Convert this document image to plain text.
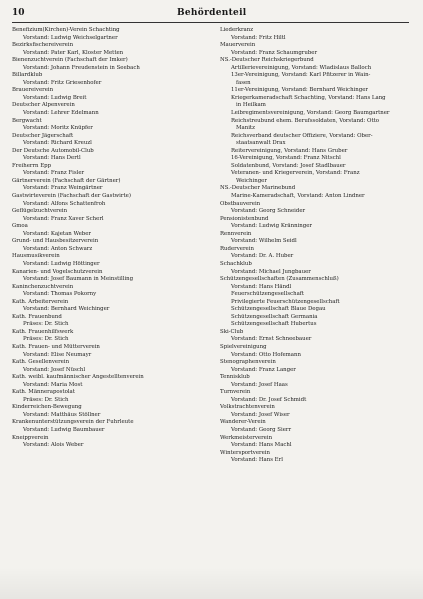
10	Behördenteil
Benefizium(Kirchen)-Verein Schachting
Vorstand: Ludwig Weichselgartner
Bezirksfischereiverein
Vorstand: Pater Karl, Kloster Metten
Bienenzuchtverein (Fachschaft der Imker)
Vorstand: Johann Freudenstein in Seebach
Billardklub
Vorstand: Fritz Griesenhofer
Brauereiverein
Vorstand: Ludwig Breit
Deutscher Alpenverein
Vorstand: Lehrer Edelmann
Bergwacht
Vorstand: Moritz Knüpfer
Deutscher Jägerschaft
Vorstand: Richard Kreuzl
Der Deutsche Automobil-Club
Vorstand: Hans Dertl
Freiherrn Epp
Vorstand: Franz Fisler
Gärtnerverein (Fachschaft der Gärtner)
Vorstand: Franz Weingärtner
Gastwirteverein (Fachschaft der Gastwirte)
Vorstand: Alfons Schattenfroh
Geflügelzuchtverein
Vorstand: Franz Xaver Scherl
Gmoa
Vorstand: Kajetan Weber
Grund- und Hausbesitzerverein
Vorstand: Anton Schwarz
Hausmusikverein
Vorstand: Ludwig Höttinger
Kanarien- und Vogelschutzverein
Vorstand: Josef Baumann in Meinstilling
Kaninchenzuchtverein
Vorstand: Thomas Pokorny
Kath. Arbeiterverein
Vorstand: Bernhard Weichinger
Kath. Frauenbund
Präses: Dr. Stich
Kath. Frauenhilfswerk
Präses: Dr. Stich
Kath. Frauen- und Mütterverein
Vorstand: Elise Neumayr
Kath. Gesellenverein
Vorstand: Josef Nüschl
Kath. weibl. kaufmännischer Angestelltenverein
Vorstand: Maria Most
Kath. Männerapostolat
Präses: Dr. Stich
Kinderreichen-Bewegung
Vorstand: Matthäus Stöllner
Krankenunterstützungsverein der Fuhrleute
Vorstand: Ludwig Baumbauer
Kneippverein
Vorstand: Alois Weber
Liederkranz
Vorstand: Fritz Hiltl
Mauerverein
Vorstand: Franz Schaumgruber
NS.-Deutscher Reichskriegerbund
Artillerievereinigung, Vorstand: Wladislaus Balloch
13er-Vereinigung, Vorstand: Karl Pfitzerer in Wain-
fasen
11er-Vereinigung, Vorstand: Bernhard Weichinger
Kriegerkameradschaft Schachting, Vorstand: Hans Lang
in Heilkam
Leibregimentsvereinigung, Vorstand: Georg Baumgartner
Reichstreubund ehem. Berufssoldaten, Vorstand: Otto
Manitz
Reichsverband deutscher Offiziere, Vorstand: Ober-
staatsanwalt Drax
Reitervereinigung, Vorstand: Hans Gruber
16-Vereinigung, Vorstand: Franz Nitschl
Soldatenbund, Vorstand: Josef Stadlbauer
Veteranen- und Kriegerverein, Vorstand: Franz
Weichinger
NS.-Deutscher Marinebund
Marine-Kameradschaft, Vorstand: Anton Lindner
Obstbauverein
Vorstand: Georg Schneider
Pensionistenbund
Vorstand: Ludwig Kränninger
Rennverein
Vorstand: Wilhelm Seidl
Ruderverein
Vorstand: Dr. A. Huber
Schachklub
Vorstand: Michael Jungbauer
Schützengesellschaften (Zusammenschluß)
Vorstand: Hans Händl
Feuerschützengesellschaft
Privilegierte Feuerschützengesellschaft
Schützengesellschaft Blaue Degau
Schützengesellschaft Germania
Schützengesellschaft Hubertus
Ski-Club
Vorstand: Ernst Schneebauer
Spielvereinigung
Vorstand: Otto Hofemann
Stenographenverein
Vorstand: Franz Langer
Tennisklub
Vorstand: Josef Haas
Turnverein
Vorstand: Dr. Josef Schmidt
Volkstrachtenverein
Vorstand: Josef Wiser
Wanderer-Verein
Vorstand: Georg Sierr
Werkmeisterverein
Vorstand: Hans Machl
Wintersportverein
Vorstand: Hans Erl
